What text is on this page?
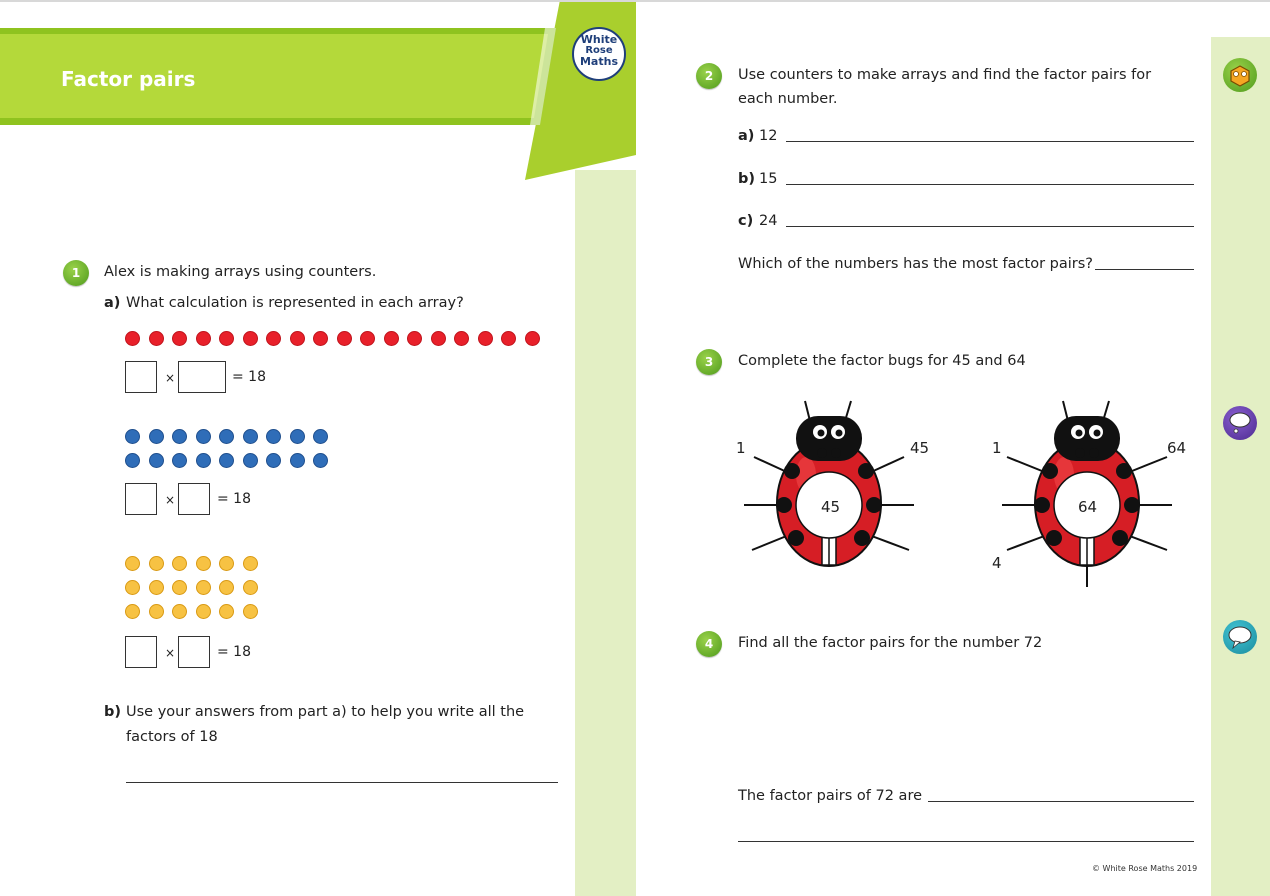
Factor pairs
White
Rose
Maths
1	Alex is making arrays using counters.
a) What calculation is represented in each array?
×	= 18
×	= 18
×	= 18
b) Use your answers from part a) to help you write all the
factors of 18
2	Use counters to make arrays and find the factor pairs for
each number.
a) 12
b) 15
c) 24
Which of the numbers has the most factor pairs?
3	Complete the factor bugs for 45 and 64
45
1	45
64
1	64
4
4	Find all the factor pairs for the number 72
The factor pairs of 72 are
© White Rose Maths 2019
